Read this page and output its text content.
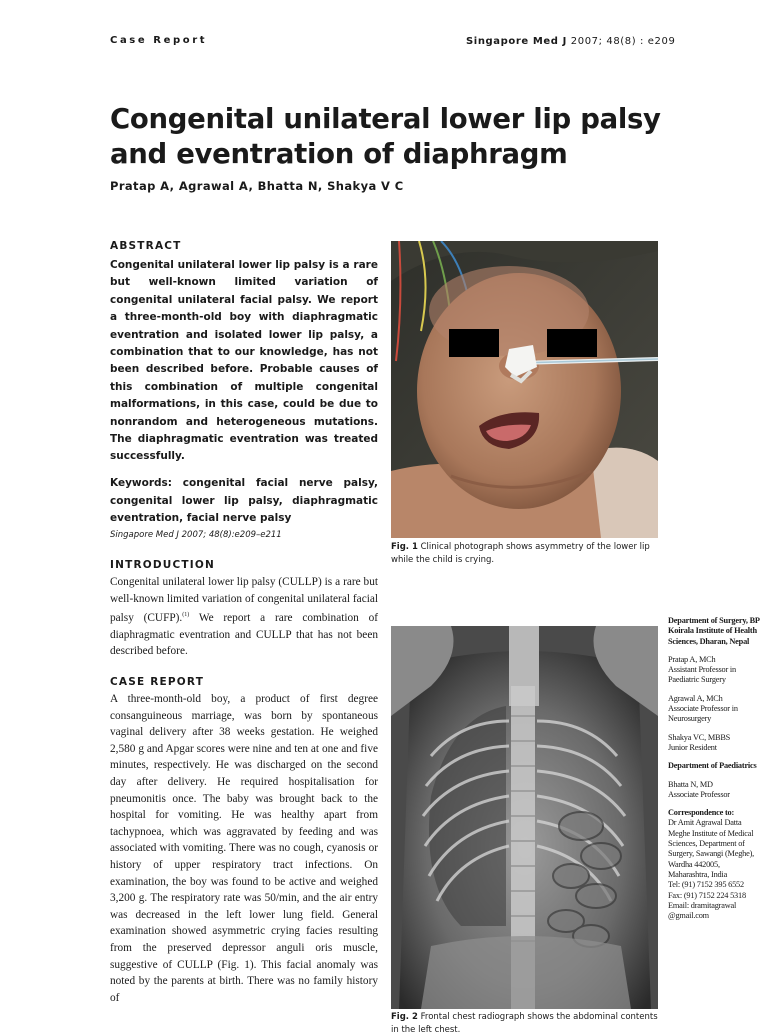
Case Report	Singapore Med J 2007; 48(8) : e209
Congenital unilateral lower lip palsy
and eventration of diaphragm
Pratap A, Agrawal A, Bhatta N, Shakya V C
ABSTRACT
Congenital unilateral lower lip palsy is a rare but well-known limited variation of congenital unilateral facial palsy. We report a three-month-old boy with diaphragmatic eventration and isolated lower lip palsy, a combination that to our knowledge, has not been described before. Probable causes of this combination of multiple congenital malformations, in this case, could be due to nonrandom and heterogeneous mutations. The diaphragmatic eventration was treated successfully.
Keywords: congenital facial nerve palsy, congenital lower lip palsy, diaphragmatic eventration, facial nerve palsy
Singapore Med J 2007; 48(8):e209–e211
INTRODUCTION
Congenital unilateral lower lip palsy (CULLP) is a rare but well-known limited variation of congenital unilateral facial palsy (CUFP).$^{(1)}$ We report a rare combination of diaphragmatic eventration and CULLP that has not been described before.
CASE REPORT
A three-month-old boy, a product of first degree consanguineous marriage, was born by spontaneous vaginal delivery after 38 weeks gestation. He weighed 2,580 g and Apgar scores were nine and ten at one and five minutes, respectively. He was discharged on the second day after delivery. He required hospitalisation for pneumonitis once. The baby was brought back to the hospital for vomiting. He was healthy apart from tachypnoea, which was aggravated by feeding and was associated with vomiting. There was no cough, cyanosis or history of upper respiratory tract infections. On examination, the boy was found to be active and weighed 3,200 g. The respiratory rate was 50/min, and the air entry was decreased in the left lower lung field. General examination showed asymmetric crying facies resulting from the preserved depressor anguli oris muscle, suggestive of CULLP (Fig. 1). This facial anomaly was noted by the parents at birth. There was no family history of
Fig. 1 Clinical photograph shows asymmetry of the lower lip while the child is crying.
Fig. 2 Frontal chest radiograph shows the abdominal contents in the left chest.
Department of Surgery, BP Koirala Institute of Health Sciences, Dharan, Nepal
Pratap A, MCh
Assistant Professor in Paediatric Surgery
Agrawal A, MCh
Associate Professor in Neurosurgery
Shakya VC, MBBS
Junior Resident
Department of Paediatrics
Bhatta N, MD
Associate Professor
Correspondence to:
Dr Amit Agrawal Datta Meghe Institute of Medical Sciences, Department of Surgery, Sawangi (Meghe), Wardha 442005, Maharashtra, India
Tel: (91) 7152 395 6552
Fax: (91) 7152 224 5318
Email: dramitagrawal @gmail.com
